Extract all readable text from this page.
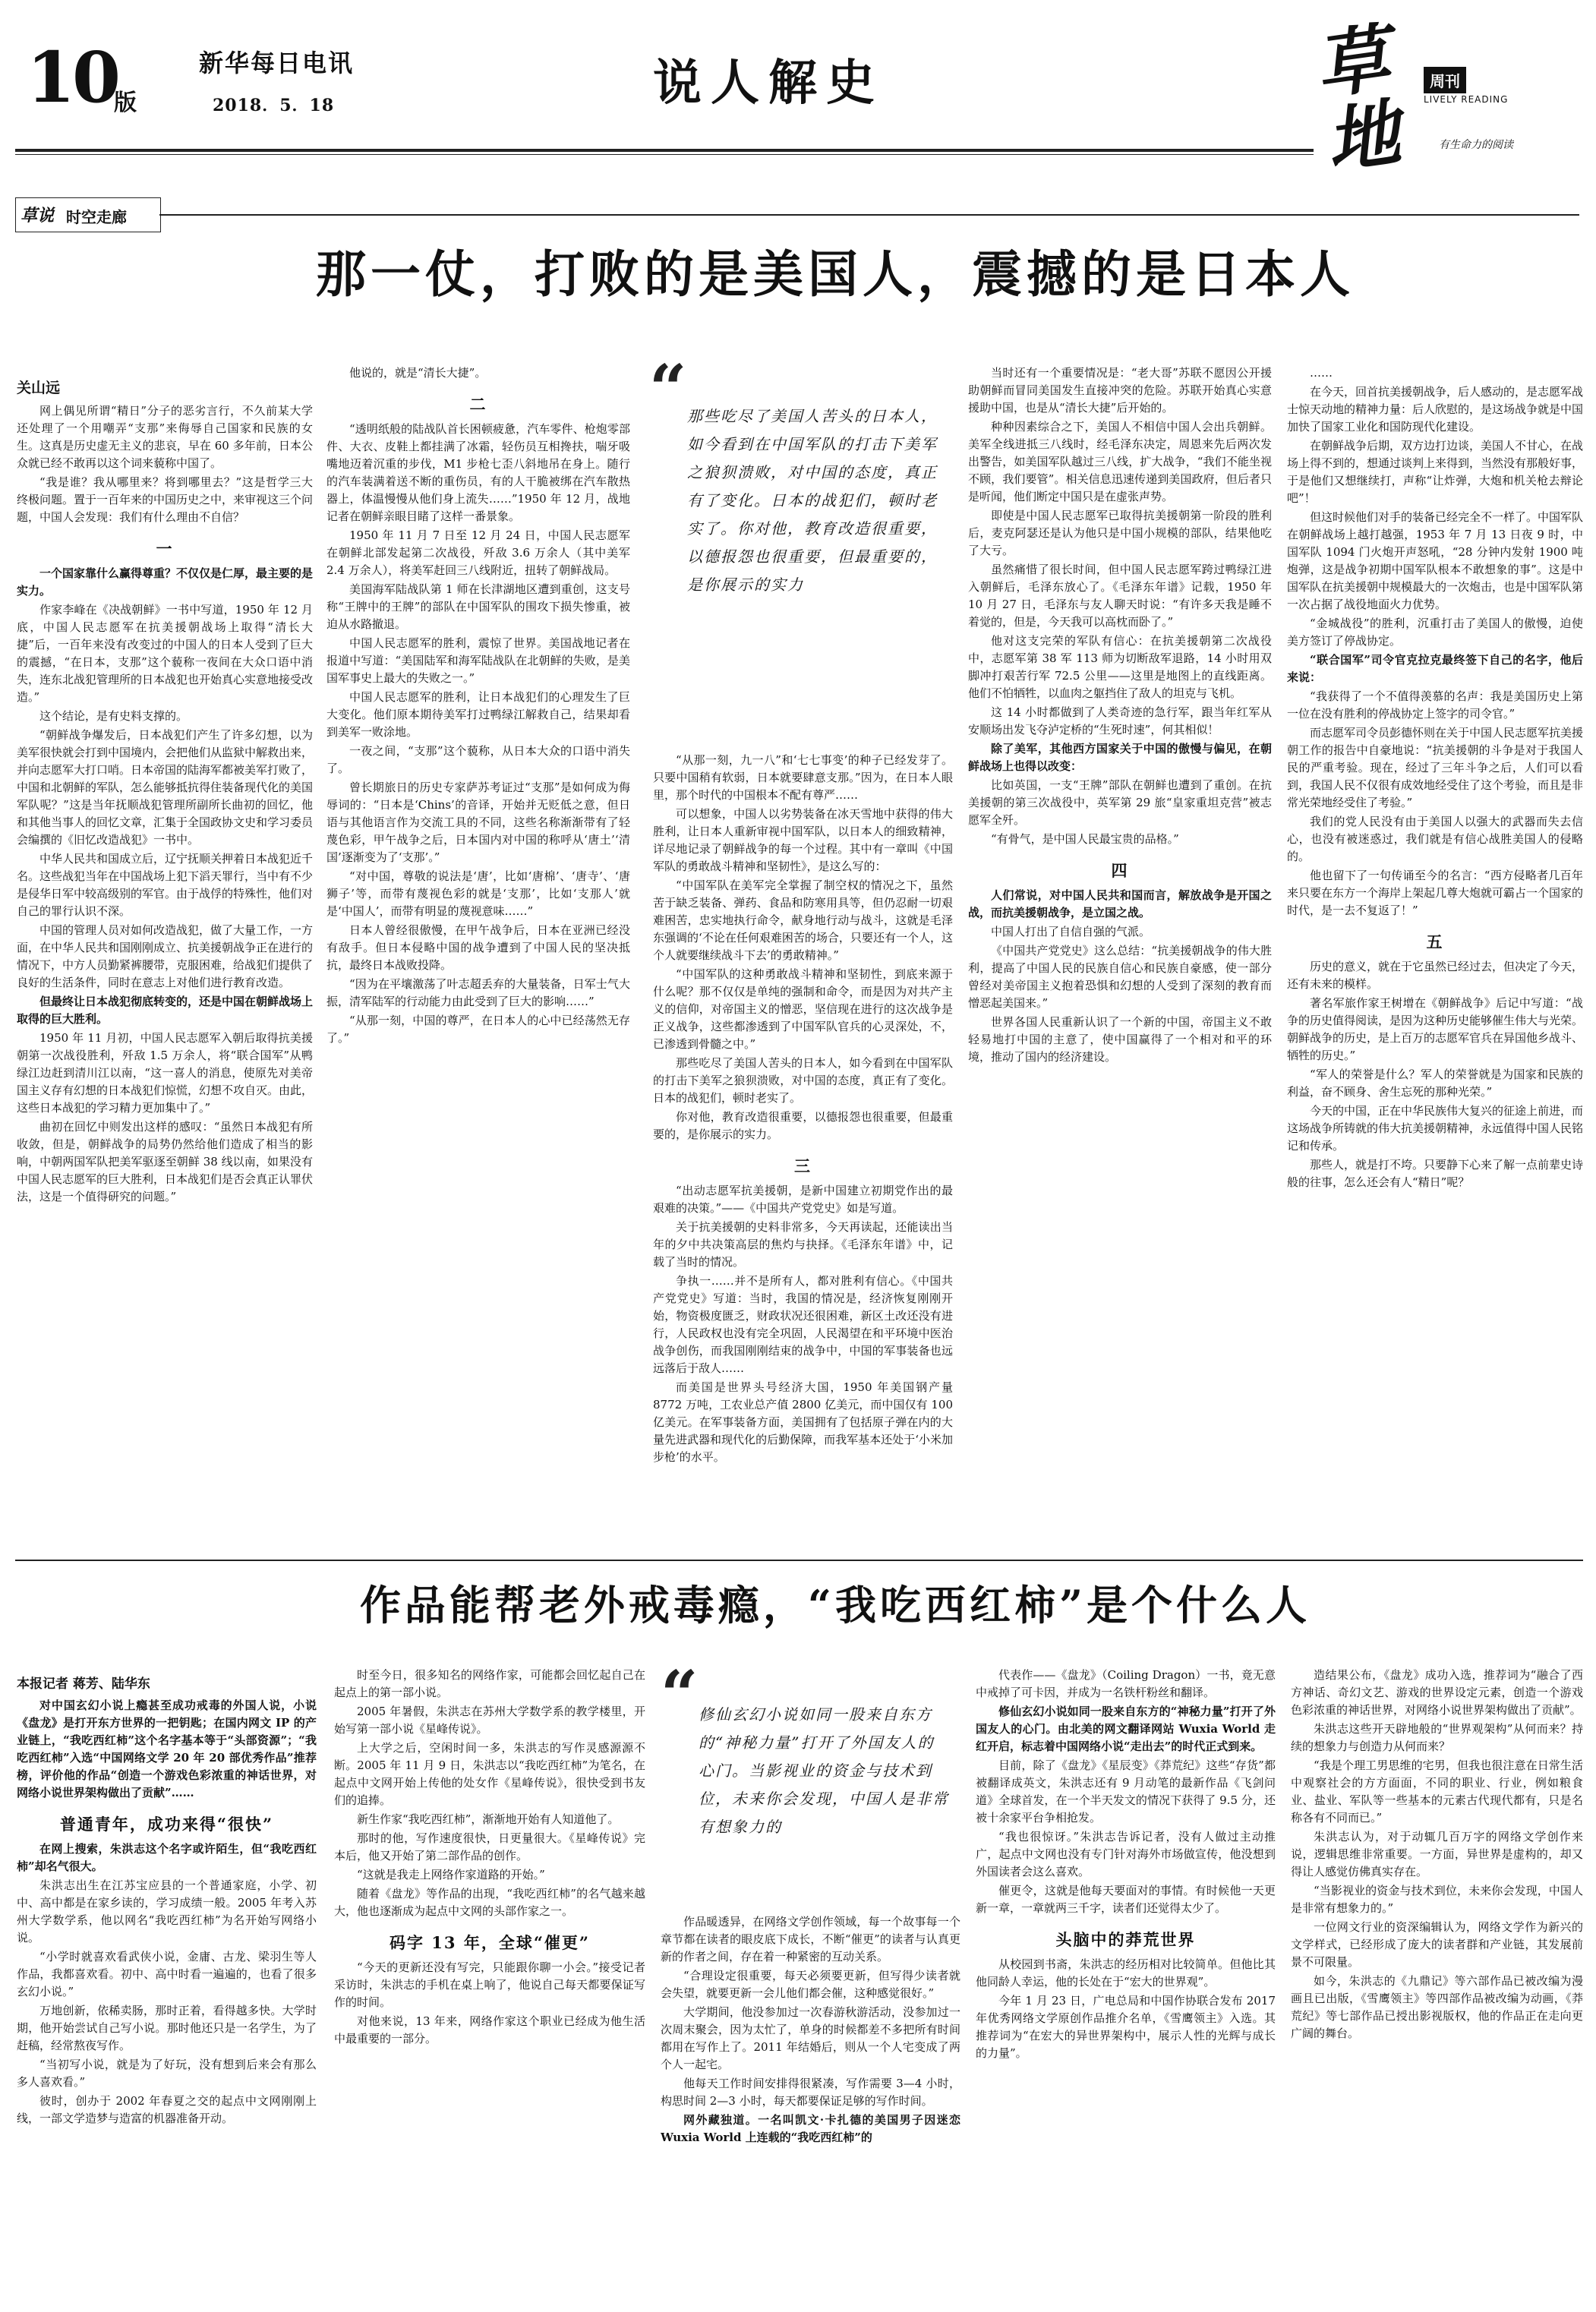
10
版
新华每日电讯
2018．5．18	说人解史	草地
周刊
LIVELY READING
有生命力的阅读
草说 时空走廊
那一仗，打败的是美国人，震撼的是日本人
关山远

网上偶见所谓“精日”分子的恶劣言行，不久前某大学还处理了一个用嘲弄“支那”来侮辱自己国家和民族的女生。这真是历史虚无主义的悲哀，早在 60 多年前，日本公众就已经不敢再以这个词来藐称中国了。

“我是谁？我从哪里来？将到哪里去？”这是哲学三大终极问题。置于一百年来的中国历史之中，来审视这三个问题，中国人会发现：我们有什么理由不自信？

一

一个国家靠什么赢得尊重？不仅仅是仁厚，最主要的是实力。

作家李峰在《决战朝鲜》一书中写道，1950 年 12 月底，中国人民志愿军在抗美援朝战场上取得“清长大捷”后，一百年来没有改变过的中国人的日本人受到了巨大的震撼，“在日本，支那”这个藐称一夜间在大众口语中消失，连东北战犯管理所的日本战犯也开始真心实意地接受改造。”

这个结论，是有史料支撑的。

“朝鲜战争爆发后，日本战犯们产生了许多幻想，以为美军很快就会打到中国境内，会把他们从监狱中解救出来，并向志愿军大打口哨。日本帝国的陆海军都被美军打败了，中国和北朝鲜的军队，怎么能够抵抗得住装备现代化的美国军队呢？”这是当年抚顺战犯管理所副所长曲初的回忆，他和其他当事人的回忆文章，汇集于全国政协文史和学习委员会编撰的《旧忆改造战犯》一书中。

中华人民共和国成立后，辽宁抚顺关押着日本战犯近千名。这些战犯当年在中国战场上犯下滔天罪行，当中有不少是侵华日军中较高级别的军官。由于战俘的特殊性，他们对自己的罪行认识不深。

中国的管理人员对如何改造战犯，做了大量工作，一方面，在中华人民共和国刚刚成立、抗美援朝战争正在进行的情况下，中方人员勤紧裤腰带，克服困难，给战犯们提供了良好的生活条件，同时在意志上对他们进行教育改造。

但最终让日本战犯彻底转变的，还是中国在朝鲜战场上取得的巨大胜利。

1950 年 11 月初，中国人民志愿军入朝后取得抗美援朝第一次战役胜利，歼敌 1.5 万余人，将“联合国军”从鸭绿江边赶到清川江以南，“这一喜人的消息，使原先对美帝国主义存有幻想的日本战犯们惊慌，幻想不攻自灭。由此，这些日本战犯的学习精力更加集中了。”

曲初在回忆中则发出这样的感叹：“虽然日本战犯有所收敛，但是，朝鲜战争的局势仍然给他们造成了相当的影响，中朝两国军队把美军驱逐至朝鲜 38 线以南，如果没有中国人民志愿军的巨大胜利，日本战犯们是否会真正认罪伏法，这是一个值得研究的问题。”

他说的，就是“清长大捷”。

二

“透明纸般的陆战队首长困顿疲惫，汽车零件、枪炮零部件、大衣、皮鞋上都挂满了冰霜，轻伤员互相搀扶，喘牙吸嘴地迈着沉重的步伐，M1 步枪七歪八斜地吊在身上。随行的汽车装满着送不断的重伤员，有的人干脆被绑在汽车散热器上，体温慢慢从他们身上流失……”1950 年 12 月，战地记者在朝鲜亲眼目睹了这样一番景象。

1950 年 11 月 7 日至 12 月 24 日，中国人民志愿军在朝鲜北部发起第二次战役，歼敌 3.6 万余人（其中美军 2.4 万余人），将美军赶回三八线附近，扭转了朝鲜战局。

美国海军陆战队第 1 师在长津湖地区遭到重创，这支号称“王牌中的王牌”的部队在中国军队的围攻下损失惨重，被迫从水路撤退。

中国人民志愿军的胜利，震惊了世界。美国战地记者在报道中写道：“美国陆军和海军陆战队在北朝鲜的失败，是美国军事史上最大的失败之一。”

中国人民志愿军的胜利，让日本战犯们的心理发生了巨大变化。他们原本期待美军打过鸭绿江解救自己，结果却看到美军一败涂地。

一夜之间，“支那”这个藐称，从日本大众的口语中消失了。

曾长期旅日的历史专家萨苏考证过“支那”是如何成为侮辱词的：“日本是‘Chins’的音译，开始并无贬低之意，但日语与其他语言作为交流工具的不同，这些名称渐渐带有了轻蔑色彩，甲午战争之后，日本国内对中国的称呼从‘唐土’‘清国’逐渐变为了‘支那’。”

“对中国，尊敬的说法是‘唐’，比如‘唐棉’、‘唐寺’、‘唐狮子’等，而带有蔑视色彩的就是‘支那’，比如‘支那人’就是‘中国人’，而带有明显的蔑视意味……”

日本人曾经很傲慢，在甲午战争后，日本在亚洲已经没有敌手。但日本侵略中国的战争遭到了中国人民的坚决抵抗，最终日本战败投降。

“因为在平壤激荡了叶志超丢弃的大量装备，日军士气大振，清军陆军的行动能力由此受到了巨大的影响……”

“从那一刻，中国的尊严，在日本人的心中已经荡然无存了。”

“ 那些吃尽了美国人苦头的日本人，如今看到在中国军队的打击下美军之狼狈溃败，对中国的态度，真正有了变化。日本的战犯们，顿时老实了。你对他，教育改造很重要，以德报怨也很重要，但最重要的，是你展示的实力

“从那一刻，九一八”和‘七七事变’的种子已经发芽了。只要中国稍有软弱，日本就要肆意支那。”因为，在日本人眼里，那个时代的中国根本不配有尊严……

可以想象，中国人以劣势装备在冰天雪地中获得的伟大胜利，让日本人重新审视中国军队，以日本人的细致精神，详尽地记录了朝鲜战争的每一个过程。其中有一章叫《中国军队的勇敢战斗精神和坚韧性》，是这么写的：

“中国军队在美军完全掌握了制空权的情况之下，虽然苦于缺乏装备、弹药、食品和防寒用具等，但仍忍耐一切艰难困苦，忠实地执行命令，献身地行动与战斗，这就是毛泽东强调的‘不论在任何艰难困苦的场合，只要还有一个人，这个人就要继续战斗下去’的勇敢精神。”

“中国军队的这种勇敢战斗精神和坚韧性，到底来源于什么呢？那不仅仅是单纯的强制和命令，而是因为对共产主义的信仰，对帝国主义的憎恶，坚信现在进行的这次战争是正义战争，这些都渗透到了中国军队官兵的心灵深处，不，已渗透到骨髓之中。”

那些吃尽了美国人苦头的日本人，如今看到在中国军队的打击下美军之狼狈溃败，对中国的态度，真正有了变化。日本的战犯们，顿时老实了。

你对他，教育改造很重要，以德报怨也很重要，但最重要的，是你展示的实力。

三

“出动志愿军抗美援朝，是新中国建立初期党作出的最艰难的决策。”——《中国共产党党史》如是写道。

关于抗美援朝的史料非常多，今天再读起，还能读出当年的夕中共决策高层的焦灼与抉择。《毛泽东年谱》中，记载了当时的情况。

争执一……并不是所有人，都对胜利有信心。《中国共产党党史》写道：当时，我国的情况是，经济恢复刚刚开始，物资极度匮乏，财政状况还很困难，新区土改还没有进行，人民政权也没有完全巩固，人民渴望在和平环境中医治战争创伤，而我国刚刚结束的战争中，中国的军事装备也远远落后于敌人……

而美国是世界头号经济大国，1950 年美国钢产量 8772 万吨，工农业总产值 2800 亿美元，而中国仅有 100 亿美元。在军事装备方面，美国拥有了包括原子弹在内的大量先进武器和现代化的后勤保障，而我军基本还处于‘小米加步枪’的水平。

当时还有一个重要情况是：“老大哥”苏联不愿因公开援助朝鲜而冒同美国发生直接冲突的危险。苏联开始真心实意援助中国，也是从“清长大捷”后开始的。

种种因素综合之下，美国人不相信中国人会出兵朝鲜。美军全线进抵三八线时，经毛泽东决定，周恩来先后两次发出警告，如美国军队越过三八线，扩大战争，“我们不能坐视不顾，我们要管”。相关信息迅速传递到美国政府，但后者只是听闻，他们断定中国只是在虚张声势。

即使是中国人民志愿军已取得抗美援朝第一阶段的胜利后，麦克阿瑟还是认为他只是中国小规模的部队，结果他吃了大亏。

虽然痛惜了很长时间，但中国人民志愿军跨过鸭绿江进入朝鲜后，毛泽东放心了。《毛泽东年谱》记载，1950 年 10 月 27 日，毛泽东与友人聊天时说：“有许多天我是睡不着觉的，但是，今天我可以高枕而卧了。”

他对这支完荣的军队有信心：在抗美援朝第二次战役中，志愿军第 38 军 113 师为切断敌军退路，14 小时用双脚冲打艰苦行军 72.5 公里——这里是地图上的直线距离。他们不怕牺牲，以血肉之躯挡住了敌人的坦克与飞机。

这 14 小时都做到了人类奇迹的急行军，跟当年红军从安顺场出发飞夺泸定桥的“生死时速”，何其相似！

除了美军，其他西方国家关于中国的傲慢与偏见，在朝鲜战场上也得以改变：

比如英国，一支“王牌”部队在朝鲜也遭到了重创。在抗美援朝的第三次战役中，英军第 29 旅“皇家重坦克营”被志愿军全歼。

“有骨气，是中国人民最宝贵的品格。”

四

人们常说，对中国人民共和国而言，解放战争是开国之战，而抗美援朝战争，是立国之战。

中国人打出了自信自强的气派。

《中国共产党党史》这么总结：“抗美援朝战争的伟大胜利，提高了中国人民的民族自信心和民族自豪感，使一部分曾经对美帝国主义抱着恐惧和幻想的人受到了深刻的教育而憎恶起美国来。”

世界各国人民重新认识了一个新的中国，帝国主义不敢轻易地打中国的主意了，使中国赢得了一个相对和平的环境，推动了国内的经济建设。

……

在今天，回首抗美援朝战争，后人感动的，是志愿军战士惊天动地的精神力量：后人欣慰的，是这场战争就是中国加快了国家工业化和国防现代化建设。

在朝鲜战争后期，双方边打边谈，美国人不甘心，在战场上得不到的，想通过谈判上来得到，当然没有那般好事，于是他们又想继续打，声称“让炸弹，大炮和机关枪去辩论吧”！

但这时候他们对手的装备已经完全不一样了。中国军队在朝鲜战场上越打越强，1953 年 7 月 13 日夜 9 时，中国军队 1094 门火炮开声怒吼，“28 分钟内发射 1900 吨炮弹，这是战争初期中国军队根本不敢想象的事”。这是中国军队在抗美援朝中规模最大的一次炮击，也是中国军队第一次占据了战役地面火力优势。

“金城战役”的胜利，沉重打击了美国人的傲慢，迫使美方签订了停战协定。

“联合国军”司令官克拉克最终签下自己的名字，他后来说：

“我获得了一个不值得羡慕的名声：我是美国历史上第一位在没有胜利的停战协定上签字的司令官。”

而志愿军司令员彭德怀则在关于中国人民志愿军抗美援朝工作的报告中自豪地说：“抗美援朝的斗争是对于我国人民的严重考验。现在，经过了三年斗争之后，人们可以看到，我国人民不仅很有成效地经受住了这个考验，而且是非常光荣地经受住了考验。”

我们的党人民没有由于美国人以强大的武器而失去信心，也没有被迷惑过，我们就是有信心战胜美国人的侵略的。

他也留下了一句传诵至今的名言：“西方侵略者几百年来只要在东方一个海岸上架起几尊大炮就可霸占一个国家的时代，是一去不复返了！”

五

历史的意义，就在于它虽然已经过去，但决定了今天，还有未来的模样。

著名军旅作家王树增在《朝鲜战争》后记中写道：“战争的历史值得阅读，是因为这种历史能够催生伟大与光荣。朝鲜战争的历史，是上百万的志愿军官兵在异国他乡战斗、牺牲的历史。”

“军人的荣誉是什么？军人的荣誉就是为国家和民族的利益，奋不顾身、舍生忘死的那种光荣。”

今天的中国，正在中华民族伟大复兴的征途上前进，而这场战争所铸就的伟大抗美援朝精神，永远值得中国人民铭记和传承。

那些人，就是打不垮。只要静下心来了解一点前辈史诗般的往事，怎么还会有人“精日”呢？

作品能帮老外戒毒瘾，“我吃西红柿”是个什么人
本报记者 蒋芳、陆华东

对中国玄幻小说上瘾甚至成功戒毒的外国人说，小说《盘龙》是打开东方世界的一把钥匙；在国内网文 IP 的产业链上，“我吃西红柿”这个名字基本等于“头部资源”；“我吃西红柿”入选“中国网络文学 20 年 20 部优秀作品”推荐榜，评价他的作品“创造一个游戏色彩浓重的神话世界，对网络小说世界架构做出了贡献”……

普通青年，成功来得“很快”

在网上搜索，朱洪志这个名字或许陌生，但“我吃西红柿”却名气很大。

朱洪志出生在江苏宝应县的一个普通家庭，小学、初中、高中都是在家乡读的，学习成绩一般。2005 年考入苏州大学数学系，他以网名“我吃西红柿”为名开始写网络小说。

“小学时就喜欢看武侠小说，金庸、古龙、梁羽生等人作品，我都喜欢看。初中、高中时看一遍遍的，也看了很多玄幻小说。”

万地创新，依稀卖肠，那时正着，看得越多快。大学时期，他开始尝试自己写小说。那时他还只是一名学生，为了赶稿，经常熬夜写作。

“当初写小说，就是为了好玩，没有想到后来会有那么多人喜欢看。”

彼时，创办于 2002 年春夏之交的起点中文网刚刚上线，一部文学造梦与造富的机器准备开动。

时至今日，很多知名的网络作家，可能都会回忆起自己在起点上的第一部小说。

2005 年暑假，朱洪志在苏州大学数学系的教学楼里，开始写第一部小说《星峰传说》。

上大学之后，空闲时间一多，朱洪志的写作灵感源源不断。2005 年 11 月 9 日，朱洪志以“我吃西红柿”为笔名，在起点中文网开始上传他的处女作《星峰传说》，很快受到书友们的追捧。

新生作家“我吃西红柿”，渐渐地开始有人知道他了。

那时的他，写作速度很快，日更量很大。《星峰传说》完本后，他又开始了第二部作品的创作。

“这就是我走上网络作家道路的开始。”

随着《盘龙》等作品的出现，“我吃西红柿”的名气越来越大，他也逐渐成为起点中文网的头部作家之一。

码字 13 年，全球“催更”

“今天的更新还没有写完，只能跟你聊一小会。”接受记者采访时，朱洪志的手机在桌上响了，他说自己每天都要保证写作的时间。

对他来说，13 年来，网络作家这个职业已经成为他生活中最重要的一部分。

“ 修仙玄幻小说如同一股来自东方的“神秘力量”打开了外国友人的心门。当影视业的资金与技术到位，未来你会发现，中国人是非常有想象力的

作品暖透异，在网络文学创作领域，每一个故事每一个章节都在读者的眼皮底下成长，不断“催更”的读者与认真更新的作者之间，存在着一种紧密的互动关系。

“合理设定很重要，每天必须要更新，但写得少读者就会失望，就要更新一会儿他们都会催，这种感觉很好。”

大学期间，他没参加过一次春游秋游活动，没参加过一次周末聚会，因为太忙了，单身的时候都差不多把所有时间都用在写作上了。2011 年结婚后，则从一个人宅变成了两个人一起宅。

他每天工作时间安排得很紧凑，写作需要 3—4 小时，构思时间 2—3 小时，每天都要保证足够的写作时间。

网外藏独道。一名叫凯文·卡扎德的美国男子因迷恋 Wuxia World 上连载的“我吃西红柿”的

代表作——《盘龙》（Coiling Dragon）一书，竟无意中戒掉了可卡因，并成为一名铁杆粉丝和翻译。

修仙玄幻小说如同一股来自东方的“神秘力量”打开了外国友人的心门。由北美的网文翻译网站 Wuxia World 走红开启，标志着中国网络小说“走出去”的时代正式到来。

目前，除了《盘龙》《星辰变》《莽荒纪》这些“存货”都被翻译成英文，朱洪志还有 9 月动笔的最新作品《飞剑问道》全球首发，在一个半天发文的情况下获得了 9.5 分，还被十余家平台争相抢发。

“我也很惊讶。”朱洪志告诉记者，没有人做过主动推广，起点中文网也没有专门针对海外市场做宣传，他没想到外国读者会这么喜欢。

催更令，这就是他每天要面对的事情。有时候他一天更新一章，一章就两三千字，读者们还觉得太少了。

头脑中的莽荒世界

从校园到书斋，朱洪志的经历相对比较简单。但他比其他同龄人幸运，他的长处在于“宏大的世界观”。

今年 1 月 23 日，广电总局和中国作协联合发布 2017 年优秀网络文学原创作品推介名单，《雪鹰领主》入选。其推荐词为“在宏大的异世界架构中，展示人性的光辉与成长的力量”。

造结果公布，《盘龙》成功入选，推荐词为“融合了西方神话、奇幻文艺、游戏的世界设定元素，创造一个游戏色彩浓重的神话世界，对网络小说世界架构做出了贡献”。

朱洪志这些开天辟地般的“世界观架构”从何而来？持续的想象力与创造力从何而来？

“我是个理工男思维的宅男，但我也很注意在日常生活中观察社会的方方面面，不同的职业、行业，例如粮食业、盐业、军队等一些基本的元素古代现代都有，只是名称各有不同而已。”

朱洪志认为，对于动辄几百万字的网络文学创作来说，逻辑思维非常重要。一方面，异世界是虚构的，却又得让人感觉仿佛真实存在。

“当影视业的资金与技术到位，未来你会发现，中国人是非常有想象力的。”

一位网文行业的资深编辑认为，网络文学作为新兴的文学样式，已经形成了庞大的读者群和产业链，其发展前景不可限量。

如今，朱洪志的《九鼎记》等六部作品已被改编为漫画且已出版，《雪鹰领主》等四部作品被改编为动画，《莽荒纪》等七部作品已授出影视版权，他的作品正在走向更广阔的舞台。
